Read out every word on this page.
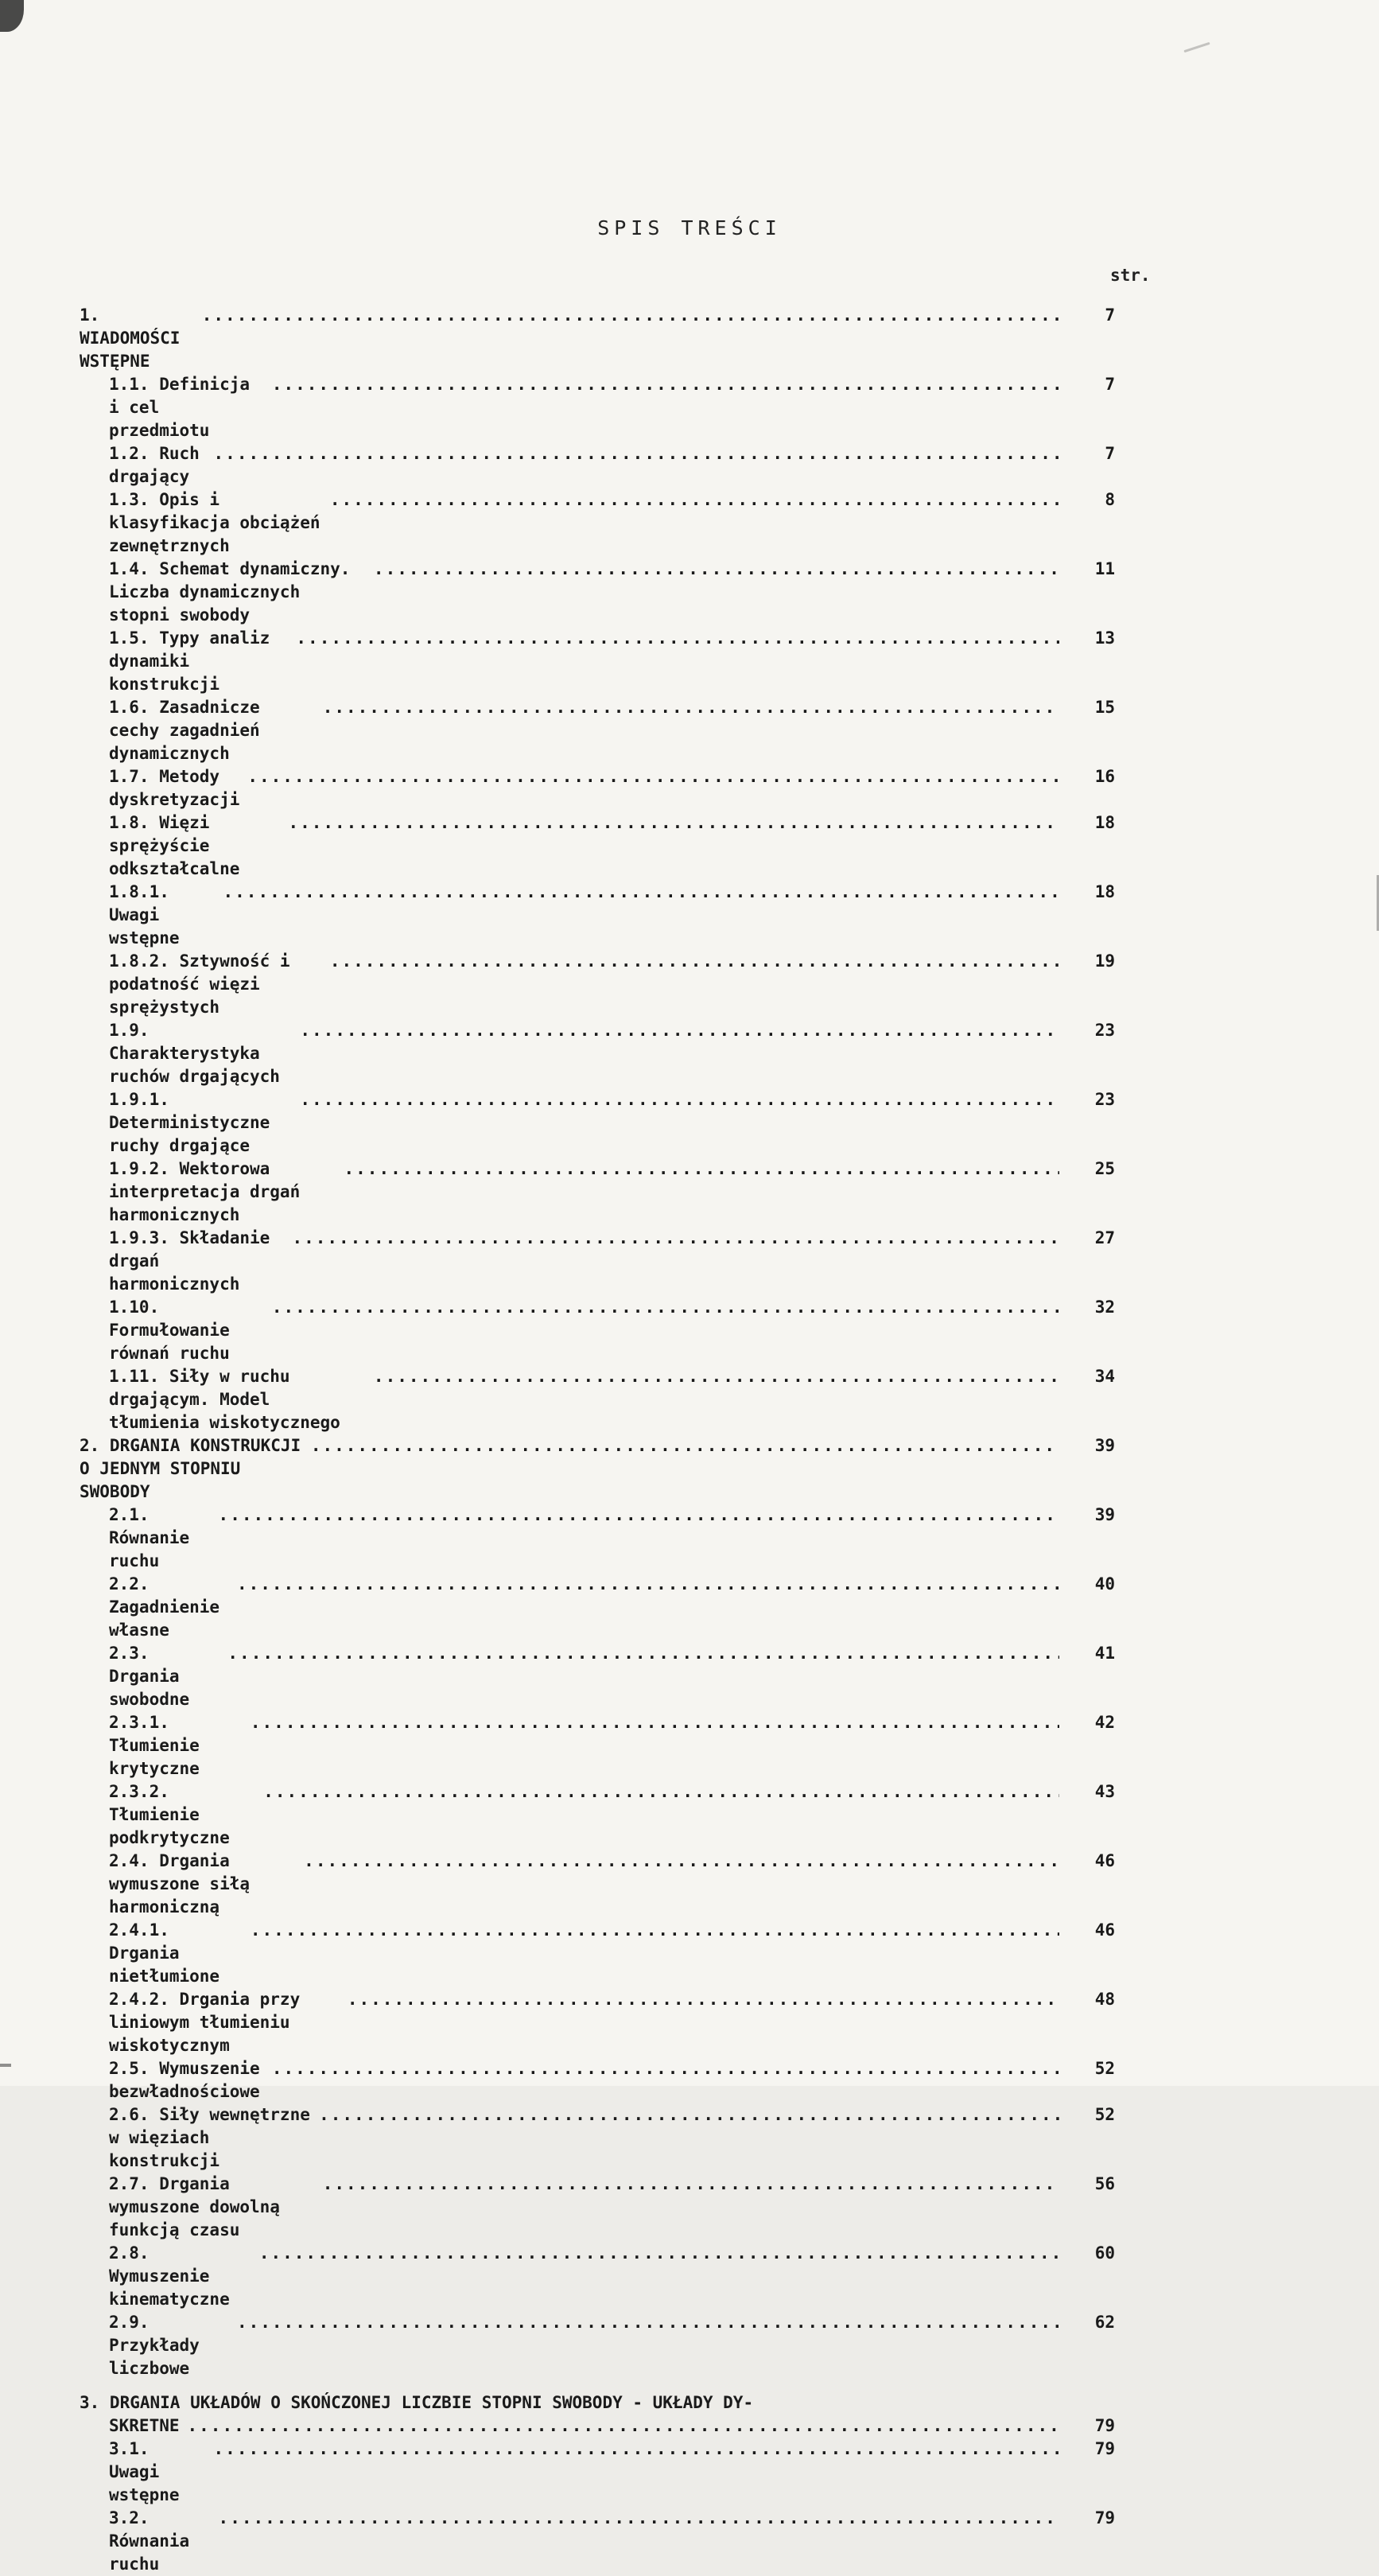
SPIS TREŚCI
str.
1. WIADOMOŚCI WSTĘPNE
.....
7
1.1. Definicja i cel przedmiotu
.....
7
1.2. Ruch drgający
.....
7
1.3. Opis i klasyfikacja obciążeń zewnętrznych
.....
8
1.4. Schemat dynamiczny. Liczba dynamicznych stopni swobody
.....
11
1.5. Typy analiz dynamiki konstrukcji
.....
13
1.6. Zasadnicze cechy zagadnień dynamicznych
.....
15
1.7. Metody dyskretyzacji
.....
16
1.8. Więzi sprężyście odkształcalne
.....
18
1.8.1. Uwagi wstępne
.....
18
1.8.2. Sztywność i podatność więzi sprężystych
.....
19
1.9. Charakterystyka ruchów drgających
.....
23
1.9.1. Deterministyczne ruchy drgające
.....
23
1.9.2. Wektorowa interpretacja drgań harmonicznych
.....
25
1.9.3. Składanie drgań harmonicznych
.....
27
1.10. Formułowanie równań ruchu
.....
32
1.11. Siły w ruchu drgającym. Model tłumienia wiskotycznego
.....
34
2. DRGANIA KONSTRUKCJI O JEDNYM STOPNIU SWOBODY
.....
39
2.1. Równanie ruchu
.....
39
2.2. Zagadnienie własne
.....
40
2.3. Drgania swobodne
.....
41
2.3.1. Tłumienie krytyczne
.....
42
2.3.2. Tłumienie podkrytyczne
.....
43
2.4. Drgania wymuszone siłą harmoniczną
.....
46
2.4.1. Drgania nietłumione
.....
46
2.4.2. Drgania przy liniowym tłumieniu wiskotycznym
.....
48
2.5. Wymuszenie bezwładnościowe
.....
52
2.6. Siły wewnętrzne w więziach konstrukcji
.....
52
2.7. Drgania wymuszone dowolną funkcją czasu
.....
56
2.8. Wymuszenie kinematyczne
.....
60
2.9. Przykłady liczbowe
.....
62
3. DRGANIA UKŁADÓW O SKOŃCZONEJ LICZBIE STOPNI SWOBODY - UKŁADY DY-
SKRETNE .....	79
3.1. Uwagi wstępne
.....
79
3.2. Równania ruchu
.....
79
